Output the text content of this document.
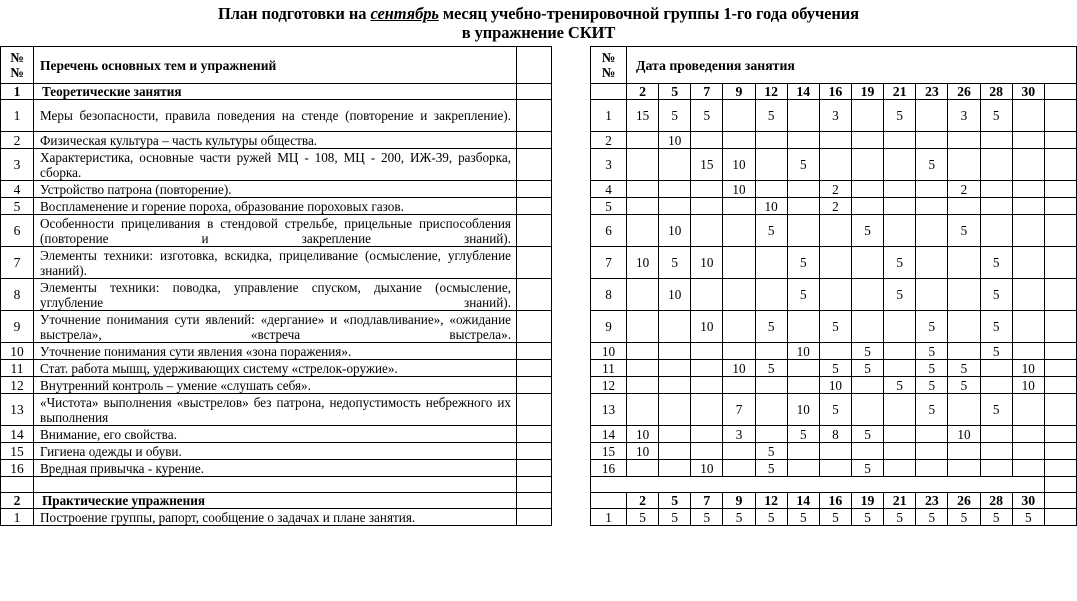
План подготовки на сентябрь месяц учебно-тренировочной группы 1-го года обучения
в упражнение СКИТ
№
№	Перечень основных тем и упражнений	
1	Теоретические занятия	
1	Меры безопасности, правила поведения на стенде (повторение и закрепление).	
2	Физическая культура – часть культуры общества.	
3	Характеристика, основные части ружей МЦ - 108, МЦ - 200, ИЖ-39, разборка, сборка.	
4	Устройство патрона (повторение).	
5	Воспламенение и горение пороха, образование пороховых газов.	
6	Особенности прицеливания в стендовой стрельбе, прицельные приспособления (повторение и закрепление знаний).	
7	Элементы техники: изготовка, вскидка, прицеливание (осмысление, углубление знаний).	
8	Элементы техники: поводка, управление спуском, дыхание (осмысление, углубление знаний).	
9	Уточнение понимания сути явлений: «дергание» и «подлавливание», «ожидание выстрела», «встреча выстрела».	
10	Уточнение понимания сути явления «зона поражения».	
11	Стат. работа мышц, удерживающих систему «стрелок-оружие».	
12	Внутренний контроль – умение «слушать себя».	
13	«Чистота» выполнения «выстрелов» без патрона, недопустимость небрежного их выполнения	
14	Внимание, его свойства.	
15	Гигиена одежды и обуви.	
16	Вредная привычка - курение.	

2	Практические упражнения	
1	Построение группы, рапорт, сообщение о задачах и плане занятия.	
№
№	Дата проведения занятия													
	2	5	7	9	12	14	16	19	21	23	26	28	30	
1	15	5	5		5		3		5		3	5		
2		10												
3			15	10		5				5				
4				10			2				2			
5					10		2							
6		10			5			5			5			
7	10	5	10			5			5			5		
8		10				5			5			5		
9			10		5		5			5		5		
10						10		5		5		5		
11				10	5		5	5		5	5		10	
12							10		5	5	5		10	
13				7		10	5			5		5		
14	10			3		5	8	5			10			
15	10				5									
16			10		5			5						

	2	5	7	9	12	14	16	19	21	23	26	28	30	
1	5	5	5	5	5	5	5	5	5	5	5	5	5	
